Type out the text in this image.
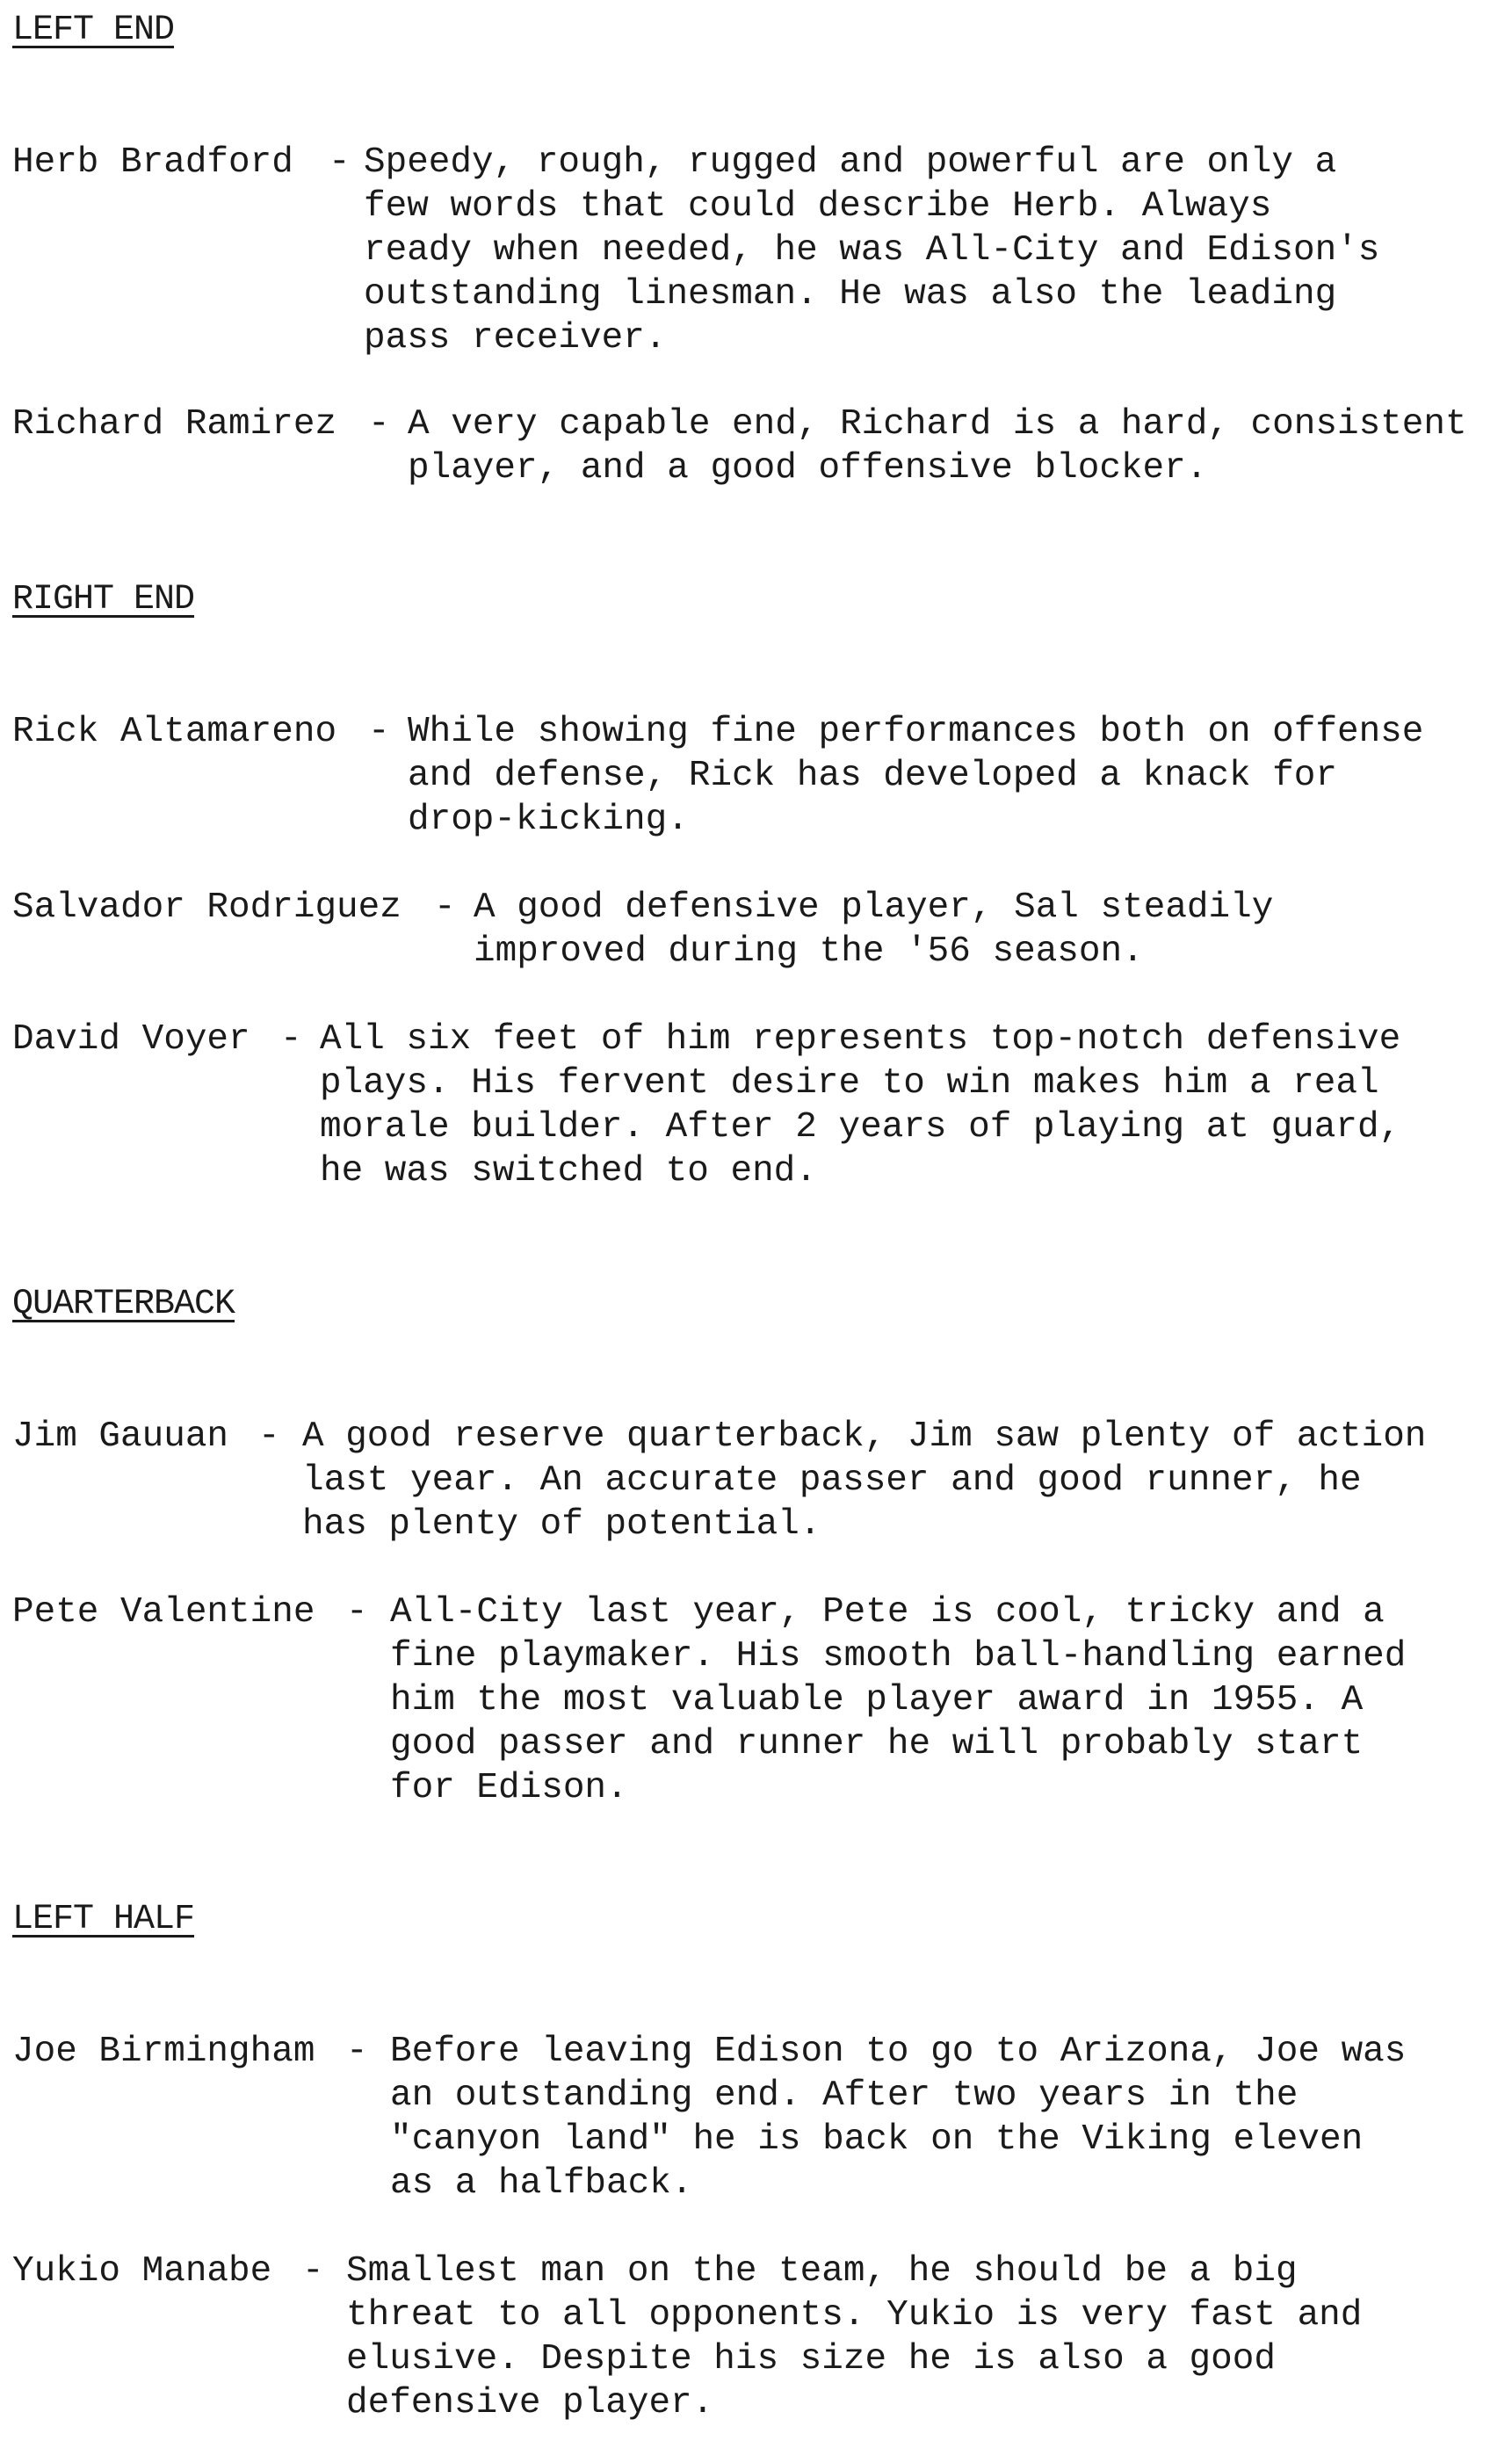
LEFT END
Herb Bradford - Speedy, rough, rugged and powerful are only a
few words that could describe Herb. Always
ready when needed, he was All-City and Edison's
outstanding linesman. He was also the leading
pass receiver.
Richard Ramirez - A very capable end, Richard is a hard, consistent
player, and a good offensive blocker.
RIGHT END
Rick Altamareno - While showing fine performances both on offense
and defense, Rick has developed a knack for
drop-kicking.
Salvador Rodriguez - A good defensive player, Sal steadily
improved during the '56 season.
David Voyer - All six feet of him represents top-notch defensive
plays. His fervent desire to win makes him a real
morale builder. After 2 years of playing at guard,
he was switched to end.
QUARTERBACK
Jim Gauuan - A good reserve quarterback, Jim saw plenty of action
last year. An accurate passer and good runner, he
has plenty of potential.
Pete Valentine - All-City last year, Pete is cool, tricky and a
fine playmaker. His smooth ball-handling earned
him the most valuable player award in 1955. A
good passer and runner he will probably start
for Edison.
LEFT HALF
Joe Birmingham - Before leaving Edison to go to Arizona, Joe was
an outstanding end. After two years in the
"canyon land" he is back on the Viking eleven
as a halfback.
Yukio Manabe - Smallest man on the team, he should be a big
threat to all opponents. Yukio is very fast and
elusive. Despite his size he is also a good
defensive player.
